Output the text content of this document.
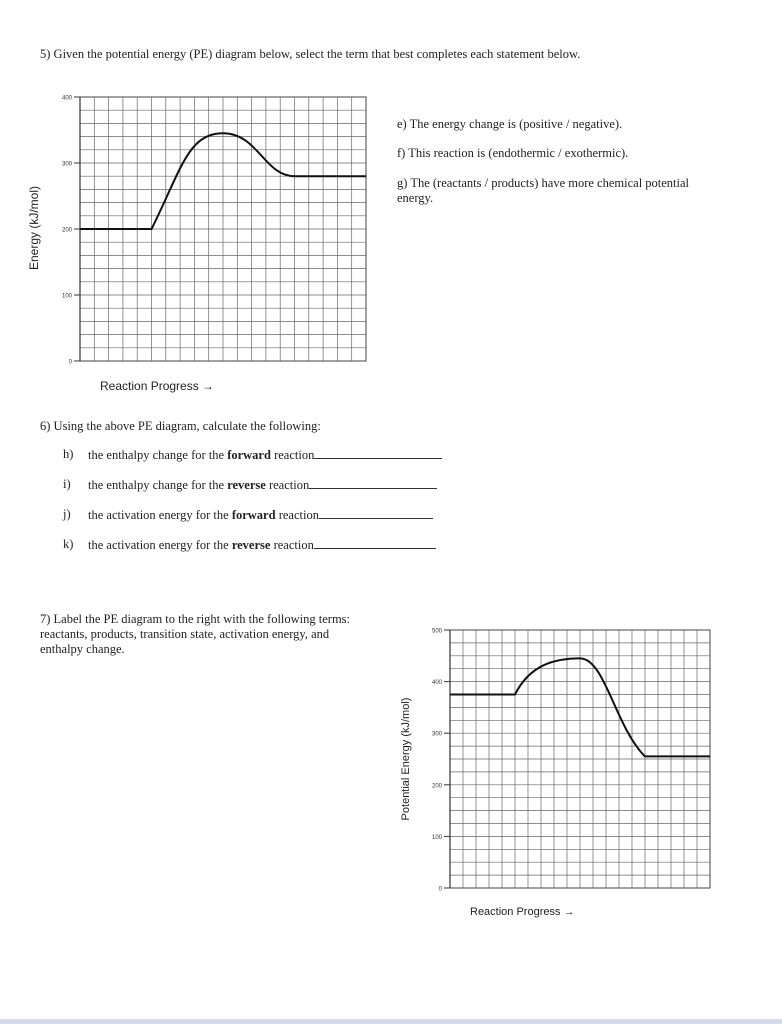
5) Given the potential energy (PE) diagram below, select the term that best completes each statement below.
0
100
200
300
400
Reaction Progress →
Energy (kJ/mol)
e) The energy change is (positive / negative).
f) This reaction is (endothermic / exothermic).
g) The (reactants / products) have more chemical potential energy.
6) Using the above PE diagram, calculate the following:
h) the enthalpy change for the forward reaction
i) the enthalpy change for the reverse reaction
j) the activation energy for the forward reaction
k) the activation energy for the reverse reaction
7) Label the PE diagram to the right with the following terms: reactants, products, transition state, activation energy, and enthalpy change.
0
100
200
300
400
500
Reaction Progress →
Potential Energy (kJ/mol)
